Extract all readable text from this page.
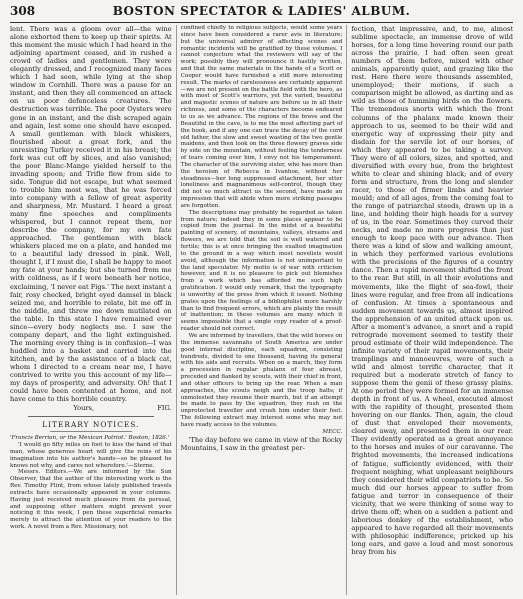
308	BOSTON SPECTATOR & LADIES' ALBUM.

lent. There was a gloom over all—the wine alone exhorted them to keep up their spirits. At this moment the music which I had heard in the adjoining apartment ceased, and in rushed a crowd of ladies and gentlemen. They were elegantly dressed, and I recognized many faces which I had seen, while lying at the shop window in Cornhill. There was a pause for an instant, and then they all commenced an attack on us poor defenceless creatures. The destruction was terrible. The poor Oysters were gone in an instant, and the dish scraped again and again, lest some one should have escaped. A small gentleman with black whiskers, flourished about a great fork, and the unresisting Turkey received it in his breast; the fork was cut off by slices, and also vanished; the poor Blanc-Mange yielded herself to the invading spoon; and Trifle flew from side to side. Tongue did not escape, but what seemed to trouble him most was, that he was forced into company with a fellow of great asperity and sharpness, Mr. Mustard. I heard a great many fine speeches and compliments whispered, but I cannot repeat them, nor describe the company, for my own fate approached. The gentleman with black whiskers placed me on a plate, and handed me to a beautiful lady dressed in pink. Well, thought I, if I must die, I shall be happy to meet my fate at your hands; but she turned from me with coldness, as if I were beneath her notice, exclaiming, 'I never eat Figs.' The next instant a fair, rosy checked, bright eyed damsel in black seized me, and horrible to relate, bit me off in the middle, and threw me down mutilated on the table. In this state I have remained ever since—every body neglects me. I saw the company depart, and the light extinguished. The morning every thing is in confusion—I was huddled into a basket and carried into the kitchen, and by the assistance of a black cat, whom I directed to a cream near me, I have contrived to write you this account of my life—my days of prosperity, and adversity. Oh! that I could have been contented at home, and not have come to this horrible country.

Yours,	FIG.
LITERARY NOTICES.

'Francis Berrian, or the Mexican Patriot.' Boston, 1826.'

'I would go fifty miles on foot to kiss the hand of that man, whose generous heart will give the reins of his imagination into his author's hands—so be pleased he knows not why, and cares not wherefore.'—Sterne.

Messrs. Editors.—We are informed by the Sun Observer, that the author of the interesting work is the Rev. Timothy Flint, from whose lately published travels extracts have occasionally appeared in your columns. Having just received much pleasure from its perusal, and supposing other matters might prevent your noticing it this week, I pen these superficial remarks merely to attract the attention of your readers to the work. A novel from a Rev. Missionary, not

confined chiefly to religious subjects, would some years since have been considered a rarer avis in literature; but the universal admirer of affecting scenes and romantic incidents will be gratified by these volumes. I cannot conjecture what the reviewers will say of the work; possibly they will pronounce it hastily written, and that the same materials in the hands of a Scott or Cooper would have furnished a still more interesting result. The marks of carelessness are certainly apparent—we are not present on the battle field with the hero, as with most of Scott's warriors, yet the varied, beautiful and majestic scenes of nature are before us in all their richness, and some of the characters become endeared to us as we advance. The regions of the brave and the Beautiful in the cave, is to me the most affecting part of the book, and if any one can trace the decay of the cord old father, the slow and sweet wasting of the two gentle maidens, and then look on the three flowery graves side by side on the mountain, without feeling the tenderness of tears coming over him, I envy not his temperament. The character of the surviving sister, who has more than the heroism of Rebecca in Ivanhoe, without her steadiness—her long suppressed attachment, her utter loneliness and magnanimous self-control, though they did not so much attract us the second, have made an impression that will abide when more striking passages are forgotten.

The descriptions may probably be regarded as taken from nature; indeed they in some places appear to be copied from the journal. In the midst of a beautiful painting of scenery, of mountains, valleys, streams and flowers, we are told that the soil is well watered and fertile; this is at once bringing the exalted imagination to the ground in a way which most novelists would avoid, although the information is not unimportant to the land speculator. My motto is of war with criticism however, and it is no pleasure to pick out blemishes from a work which has afforded me such high gratification. I would only remark, that the typography is unworthy of the press from which it issued. Nothing grates upon the feelings of a bibliophilist more harshly than to find frequent errors, which are plainly the result of inattention; in these volumes are many which it seems impossible that a single copy reader of a proof-reader should not correct.

We are informed by travellers, that the wild horses on the immense savannahs of South America are under good internal discipline, each squadron, consisting hundreds, divided to one thousand, having its general with his aids and recruits. When on a march, they form a procession in regular phalanx of four abreast, preceded and flanked by scouts, with their chief in front, and other officers to bring up the rear. When a man approaches, the scouts neigh and the troop halts; if unmolested they resume their march, but if an attempt be made to pass by the squadron, they rush on the unprotected traveller and crush him under their feet. The following extract may interest some who may not have ready access to the volumes.

MECC.

'The day before we came in view of the Rocky Mountains, I saw in the greatest per-

fection, that impressive, and, to me, almost sublime spectacle, an immense drove of wild horses, for a long time hovering round our path across the prairie. I had often seen great numbers of them before, mixed with other animals, apparently quiet, and grazing like the rest. Here there were thousands assembled, unemployed; their motions, if such a comparison might be allowed, as darting and as wild as those of humming birds on the flowers. The tremendous snorts with which the front columns of the phalanx made known their approach to us, seemed to be their wild and energetic way of expressing their pity and disdain for the servile lot of our horses, of which they appeared to be taking a survey. They were of all colors, sizes, and spotted, and diversified with every hue, from the brightest white to clear and shining black; and of every form and structure, from the long and slender racer, to those of firmer limbs and heavier mould; and of all ages, from the coming foal to the range of patriarchal steeds, drawn up in a line, and holding their high heads for a survey of us, in the rear. Sometimes they curved their necks, and made no more progress than just enough to keep pace with our advance. Then there was a kind of slow and walking amount, in which they performed various evolutions with the precisions of the figures of a country dance. Then a rapid movement shifted the front to the rear. But still, in all their evolutions and movements, like the flight of sea-fowl, their lines were regular, and free from all indications of confusion. At times a spontaneous and sudden movement towards us, almost inspired the apprehension of an united attack upon us. After a moment's advance, a snort and a rapid retrograde movement seemed to testify their proud estimate of their wild independence. The infinite variety of their rapid movements, their tramplings and manoeuvres, were of such a wild and almost terrific character, that it required but a moderate stretch of fancy to suppose them the genii of these grassy plains. At one period they were formed for an immense depth in front of us. A wheel, executed almost with the rapidity of thought, presented them hovering on our flanks. Then, again, the cloud of dust that enveloped their movements, cleared away, and presented them in our rear. They evidently operated as a great annoyance to the horses and mules of our caravanne. The frighted movements, the increased indications of fatigue, sufficiently evidenced, with their frequent neighing, what unpleasant neighbours they considered their wild compatriots to be. So much did our horses appear to suffer from fatigue and terror in consequence of their vicinity, that we were thinking of some way to drive them off; when on a sudden a patient and laborious donkey of the establishment, who appeared to have regarded all their movements with philosophic indifference, pricked up his long ears, and gave a loud and most sonorous bray from his
